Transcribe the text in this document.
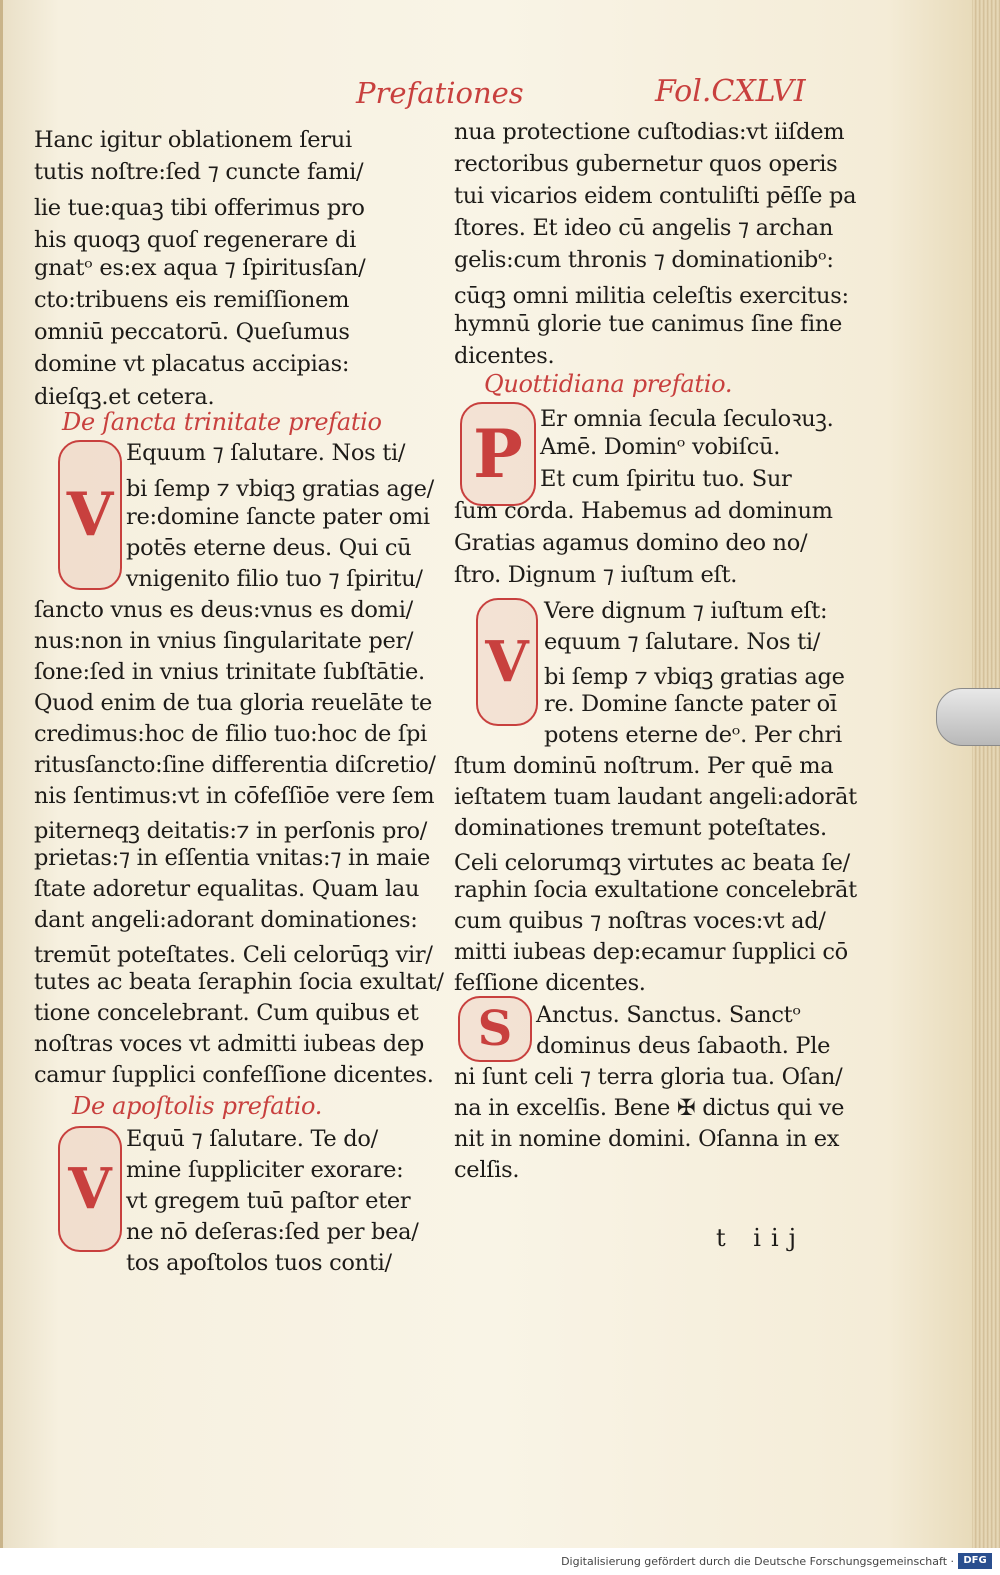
Prefationes	Fol.CXLVI
V
V
P
V
S
Hanc igitur oblationem ſerui
tutis noſtre:ſed ⁊ cuncte fami/
lie tue:quaꝫ tibi offerimus pro
his quoqꝫ quoſ regenerare di
gnatᵒ es:ex aqua ⁊ ſpiritusſan/
cto:tribuens eis remiſſionem
omniū peccatorū. Queſumus
domine vt placatus accipias:
dieſqꝫ.et cetera.
De ſancta trinitate prefatio
Equum ⁊ ſalutare. Nos ti/
bi ſemp ⁊ vbiqꝫ gratias age/
re:domine ſancte pater omi
potēs eterne deus. Qui cū
vnigenito filio tuo ⁊ ſpiritu/
ſancto vnus es deus:vnus es domi/
nus:non in vnius ſingularitate per/
ſone:ſed in vnius trinitate ſubſtātie.
Quod enim de tua gloria reuelāte te
credimus:hoc de filio tuo:hoc de ſpi
ritusſancto:ſine differentia diſcretio/
nis ſentimus:vt in cōfeſſiōe vere ſem
piterneqꝫ deitatis:⁊ in perſonis pro/
prietas:⁊ in eſſentia vnitas:⁊ in maie
ſtate adoretur equalitas. Quam lau
dant angeli:adorant dominationes:
tremūt poteſtates. Celi celorūqꝫ vir/
tutes ac beata ſeraphin ſocia exultat/
tione concelebrant. Cum quibus et
noſtras voces vt admitti iubeas dep
camur ſupplici confeſſione dicentes.
De apoſtolis prefatio.
Equū ⁊ ſalutare. Te do/
mine ſuppliciter exorare:
vt gregem tuū paſtor eter
ne nō deſeras:ſed per bea/
tos apoſtolos tuos conti/
nua protectione cuſtodias:vt iiſdem
rectoribus gubernetur quos operis
tui vicarios eidem contuliſti pēſſe pa
ſtores. Et ideo cū angelis ⁊ archan
gelis:cum thronis ⁊ dominationibᵒ:
cūqꝫ omni militia celeſtis exercitus:
hymnū glorie tue canimus ſine fine
dicentes.
Quottidiana prefatio.
Er omnia ſecula ſeculoꝛuꝫ.
Amē. Dominᵒ vobiſcū.
Et cum ſpiritu tuo. Sur
ſum corda. Habemus ad dominum
Gratias agamus domino deo no/
ſtro. Dignum ⁊ iuſtum eſt.
Vere dignum ⁊ iuſtum eſt:
equum ⁊ ſalutare. Nos ti/
bi ſemp ⁊ vbiqꝫ gratias age
re. Domine ſancte pater oī
potens eterne deᵒ. Per chri
ſtum dominū noſtrum. Per quē ma
ieſtatem tuam laudant angeli:adorāt
dominationes tremunt poteſtates.
Celi celorumqꝫ virtutes ac beata ſe/
raphin ſocia exultatione concelebrāt
cum quibus ⁊ noſtras voces:vt ad/
mitti iubeas dep:ecamur ſupplici cō
feſſione dicentes.
Anctus. Sanctus. Sanctᵒ
dominus deus ſabaoth. Ple
ni ſunt celi ⁊ terra gloria tua. Oſan/
na in excelſis. Bene ✠ dictus qui ve
nit in nomine domini. Oſanna in ex
celſis.
t iij
Digitalisierung gefördert durch die Deutsche Forschungsgemeinschaft · DFG
